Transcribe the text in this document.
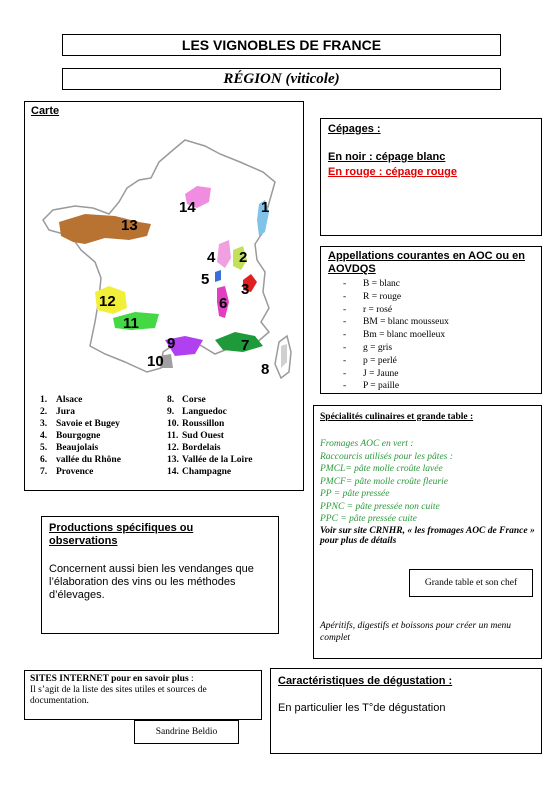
LES VIGNOBLES DE FRANCE
RÉGION (viticole)
Carte
1
2
3
4
5
6
7
8
9
10
11
12
13
14
1. Alsace
2. Jura
3. Savoie et Bugey
4. Bourgogne
5. Beaujolais
6. vallée du Rhône
7. Provence
8. Corse
9. Languedoc
10. Roussillon
11. Sud Ouest
12. Bordelais
13. Vallée de la Loire
14. Champagne
Cépages :
En noir : cépage blanc
En rouge : cépage rouge
Appellations courantes en AOC ou en AOVDQS
- B = blanc
- R = rouge
- r = rosé
- BM = blanc mousseux
- Bm = blanc moelleux
- g = gris
- p = perlé
- J = Jaune
- P = paille
Spécialités culinaires et grande table :
Fromages AOC en vert :
Raccourcis utilisés pour les pâtes :
PMCL= pâte molle croûte lavée
PMCF= pâte molle croûte fleurie
PP = pâte pressée
PPNC = pâte pressée non cuite
PPC = pâte pressée cuite
Voir sur site CRNHR, « les fromages AOC de France » pour plus de détails
Grande table et son chef
Apéritifs, digestifs et boissons pour créer un menu complet
Productions spécifiques ou observations
Concernent aussi bien les vendanges que l’élaboration des vins ou les méthodes d’élevages.
SITES INTERNET pour en savoir plus :
Il s’agit de la liste des sites utiles et sources de documentation.
Sandrine Beldio
Caractéristiques de dégustation :
En particulier les T°de dégustation
